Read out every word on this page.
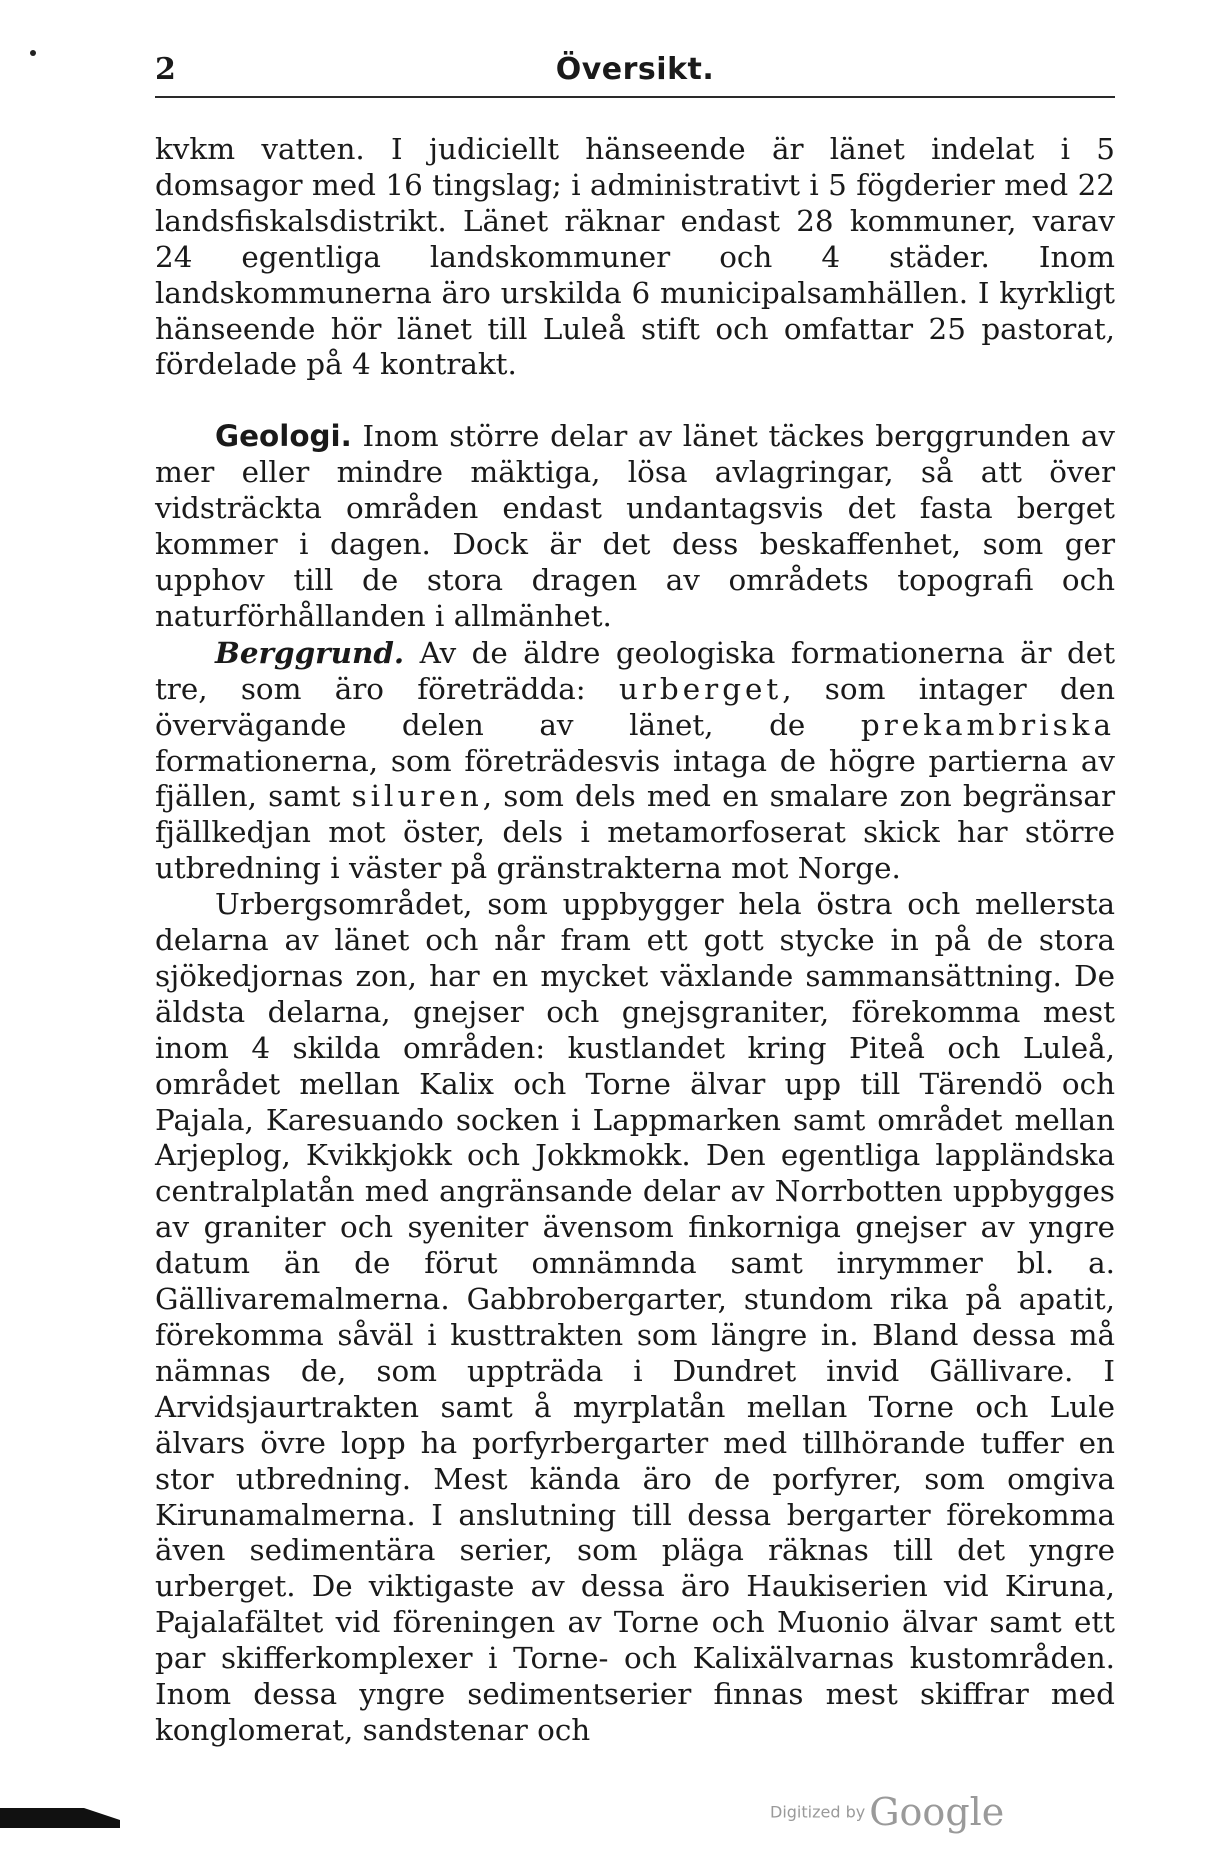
2	Översikt.

kvkm vatten. I judiciellt hänseende är länet indelat i 5 domsagor med 16 tingslag; i administrativt i 5 fögderier med 22 landsfiskalsdistrikt. Länet räknar endast 28 kommuner, varav 24 egentliga landskommuner och 4 städer. Inom landskommunerna äro urskilda 6 municipalsamhällen. I kyrkligt hänseende hör länet till Luleå stift och omfattar 25 pastorat, fördelade på 4 kontrakt.

Geologi. Inom större delar av länet täckes berggrunden av mer eller mindre mäktiga, lösa avlagringar, så att över vidsträckta områden endast undantagsvis det fasta berget kommer i dagen. Dock är det dess beskaffenhet, som ger upphov till de stora dragen av områdets topografi och naturförhållanden i allmänhet.

Berggrund. Av de äldre geologiska formationerna är det tre, som äro företrädda: urberget, som intager den övervägande delen av länet, de prekambriska formationerna, som företrädesvis intaga de högre partierna av fjällen, samt siluren, som dels med en smalare zon begränsar fjällkedjan mot öster, dels i metamorfoserat skick har större utbredning i väster på gränstrakterna mot Norge.

Urbergsområdet, som uppbygger hela östra och mellersta delarna av länet och når fram ett gott stycke in på de stora sjökedjornas zon, har en mycket växlande sammansättning. De äldsta delarna, gnejser och gnejsgraniter, förekomma mest inom 4 skilda områden: kustlandet kring Piteå och Luleå, området mellan Kalix och Torne älvar upp till Tärendö och Pajala, Karesuando socken i Lappmarken samt området mellan Arjeplog, Kvikkjokk och Jokkmokk. Den egentliga lappländska centralplatån med angränsande delar av Norrbotten uppbygges av graniter och syeniter ävensom finkorniga gnejser av yngre datum än de förut omnämnda samt inrymmer bl. a. Gällivaremalmerna. Gabbrobergarter, stundom rika på apatit, förekomma såväl i kusttrakten som längre in. Bland dessa må nämnas de, som uppträda i Dundret invid Gällivare. I Arvidsjaurtrakten samt å myrplatån mellan Torne och Lule älvars övre lopp ha porfyrbergarter med tillhörande tuffer en stor utbredning. Mest kända äro de porfyrer, som omgiva Kirunamalmerna. I anslutning till dessa bergarter förekomma även sedimentära serier, som pläga räknas till det yngre urberget. De viktigaste av dessa äro Haukiserien vid Kiruna, Pajalafältet vid föreningen av Torne och Muonio älvar samt ett par skifferkomplexer i Torne- och Kalixälvarnas kustområden. Inom dessa yngre sedimentserier finnas mest skiffrar med konglomerat, sandstenar och

Digitized by Google
